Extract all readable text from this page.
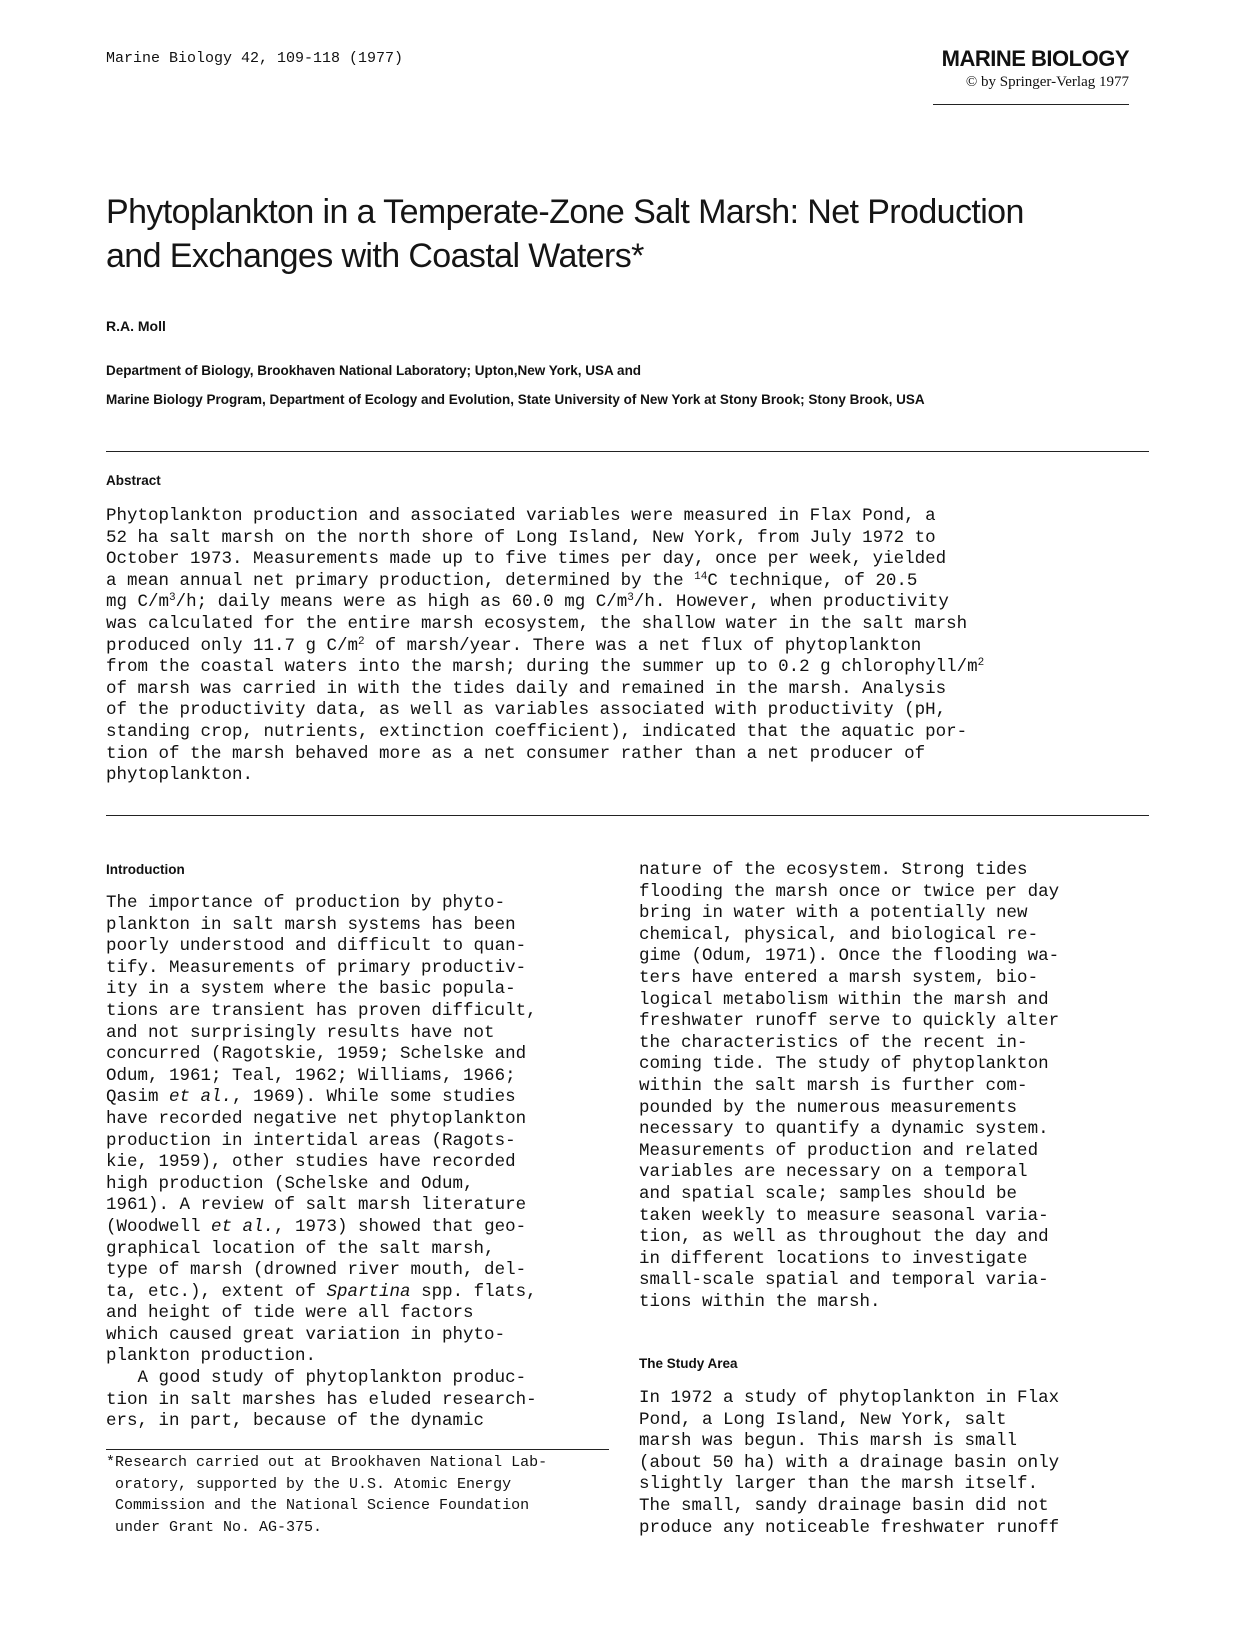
Marine Biology 42, 109-118 (1977)	MARINE BIOLOGY
© by Springer-Verlag 1977
Phytoplankton in a Temperate-Zone Salt Marsh: Net Production
and Exchanges with Coastal Waters*
R.A. Moll
Department of Biology, Brookhaven National Laboratory; Upton,New York, USA and
Marine Biology Program, Department of Ecology and Evolution, State University of New York at Stony Brook; Stony Brook, USA
Abstract
Phytoplankton production and associated variables were measured in Flax Pond, a
52 ha salt marsh on the north shore of Long Island, New York, from July 1972 to
October 1973. Measurements made up to five times per day, once per week, yielded
a mean annual net primary production, determined by the $^{14}$C technique, of 20.5
mg $C/m^3/h$; daily means were as high as 60.0 mg $C/m^3/h$. However, when productivity
was calculated for the entire marsh ecosystem, the shallow water in the salt marsh
produced only 11.7 g $C/m^2$ of marsh/year. There was a net flux of phytoplankton
from the coastal waters into the marsh; during the summer up to 0.2 g chlorophyll/$m^2$
of marsh was carried in with the tides daily and remained in the marsh. Analysis
of the productivity data, as well as variables associated with productivity (pH,
standing crop, nutrients, extinction coefficient), indicated that the aquatic por-
tion of the marsh behaved more as a net consumer rather than a net producer of
phytoplankton.
Introduction
The importance of production by phyto-
plankton in salt marsh systems has been
poorly understood and difficult to quan-
tify. Measurements of primary productiv-
ity in a system where the basic popula-
tions are transient has proven difficult,
and not surprisingly results have not
concurred (Ragotskie, 1959; Schelske and
Odum, 1961; Teal, 1962; Williams, 1966;
Qasim et al., 1969). While some studies
have recorded negative net phytoplankton
production in intertidal areas (Ragots-
kie, 1959), other studies have recorded
high production (Schelske and Odum,
1961). A review of salt marsh literature
(Woodwell et al., 1973) showed that geo-
graphical location of the salt marsh,
type of marsh (drowned river mouth, del-
ta, etc.), extent of Spartina spp. flats,
and height of tide were all factors
which caused great variation in phyto-
plankton production.
A good study of phytoplankton produc-
tion in salt marshes has eluded research-
ers, in part, because of the dynamic
*Research carried out at Brookhaven National Lab-
oratory, supported by the U.S. Atomic Energy
Commission and the National Science Foundation
under Grant No. AG-375.
nature of the ecosystem. Strong tides
flooding the marsh once or twice per day
bring in water with a potentially new
chemical, physical, and biological re-
gime (Odum, 1971). Once the flooding wa-
ters have entered a marsh system, bio-
logical metabolism within the marsh and
freshwater runoff serve to quickly alter
the characteristics of the recent in-
coming tide. The study of phytoplankton
within the salt marsh is further com-
pounded by the numerous measurements
necessary to quantify a dynamic system.
Measurements of production and related
variables are necessary on a temporal
and spatial scale; samples should be
taken weekly to measure seasonal varia-
tion, as well as throughout the day and
in different locations to investigate
small-scale spatial and temporal varia-
tions within the marsh.
The Study Area
In 1972 a study of phytoplankton in Flax
Pond, a Long Island, New York, salt
marsh was begun. This marsh is small
(about 50 ha) with a drainage basin only
slightly larger than the marsh itself.
The small, sandy drainage basin did not
produce any noticeable freshwater runoff
